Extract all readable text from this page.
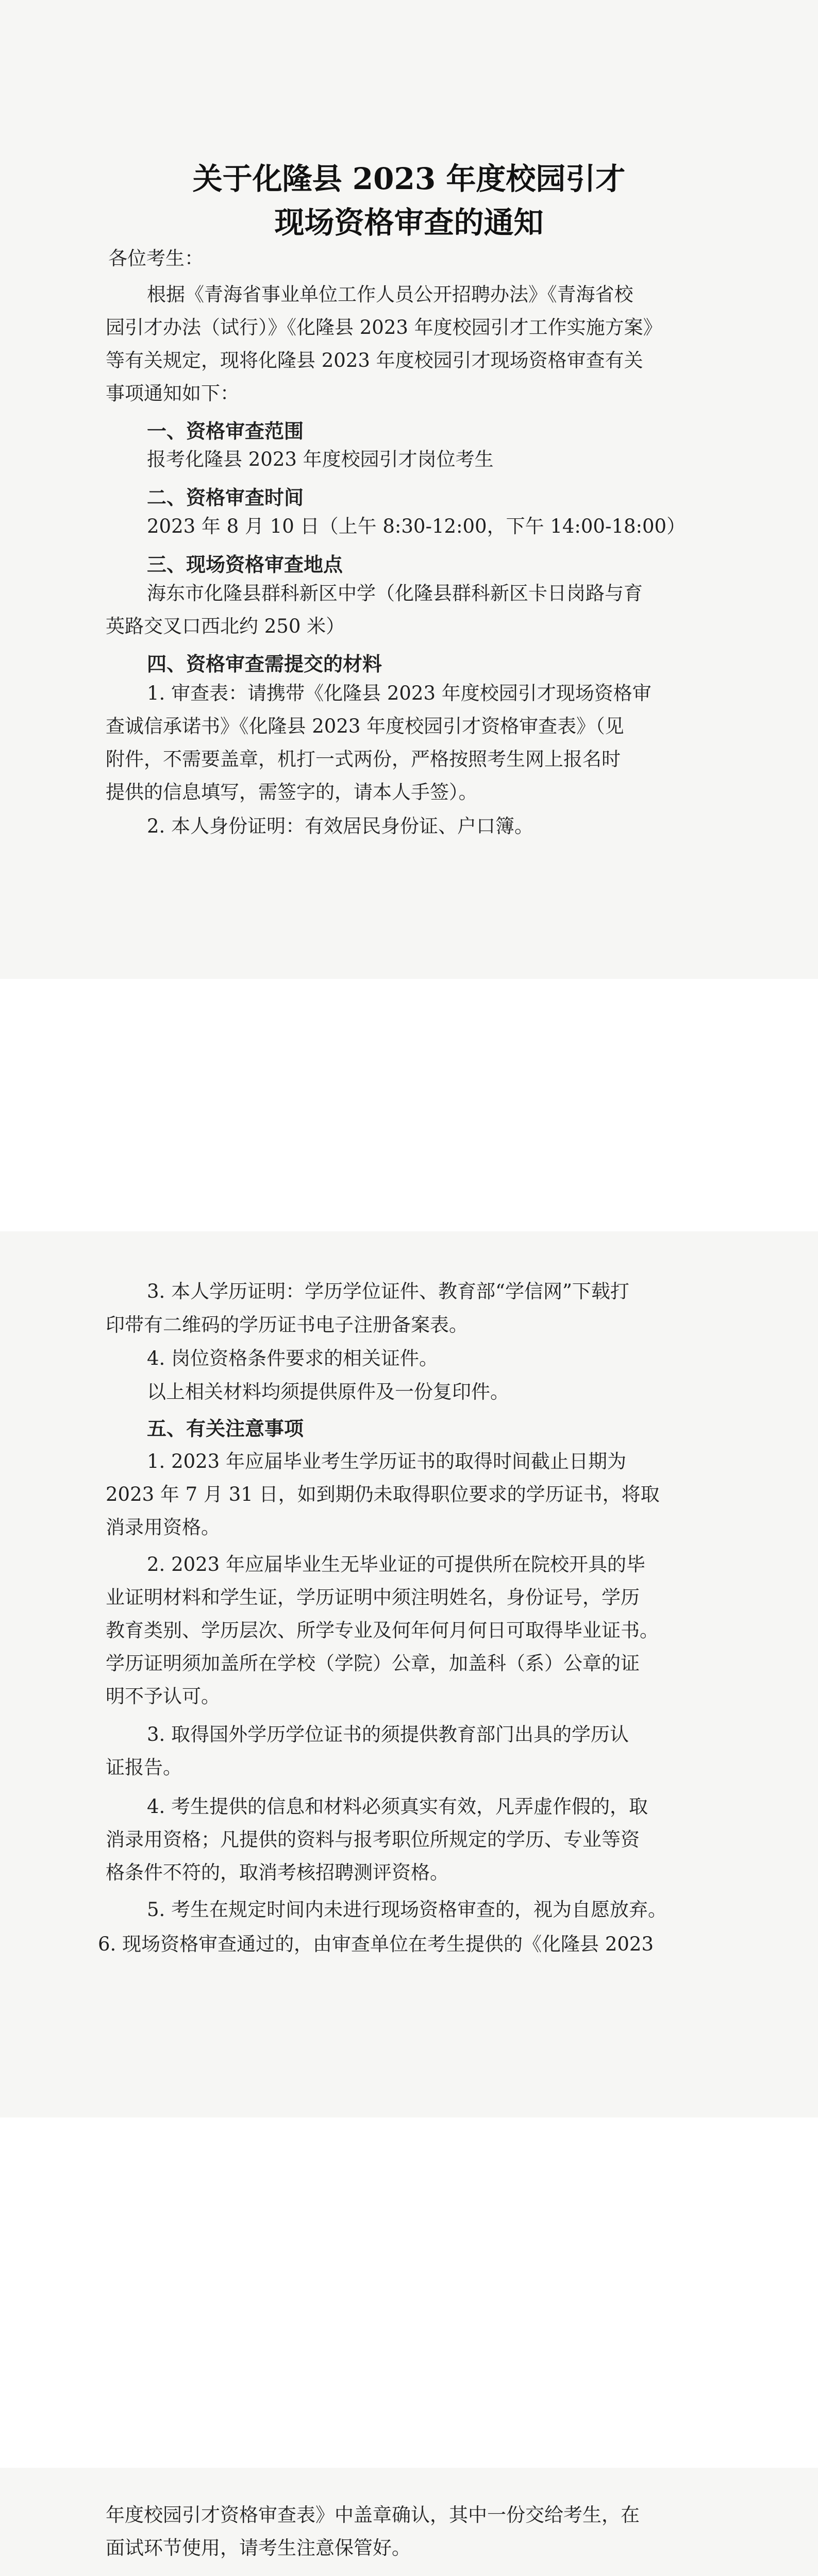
关于化隆县 2023 年度校园引才
现场资格审查的通知
各位考生：
根据《青海省事业单位工作人员公开招聘办法》《青海省校
园引才办法（试行）》《化隆县 2023 年度校园引才工作实施方案》
等有关规定，现将化隆县 2023 年度校园引才现场资格审查有关
事项通知如下：
一、资格审查范围
报考化隆县 2023 年度校园引才岗位考生
二、资格审查时间
2023 年 8 月 10 日（上午 8:30-12:00，下午 14:00-18:00）
三、现场资格审查地点
海东市化隆县群科新区中学（化隆县群科新区卡日岗路与育
英路交叉口西北约 250 米）
四、资格审查需提交的材料
1. 审查表：请携带《化隆县 2023 年度校园引才现场资格审
查诚信承诺书》《化隆县 2023 年度校园引才资格审查表》（见
附件，不需要盖章，机打一式两份，严格按照考生网上报名时
提供的信息填写，需签字的，请本人手签）。
2. 本人身份证明：有效居民身份证、户口簿。
3. 本人学历证明：学历学位证件、教育部“学信网”下载打
印带有二维码的学历证书电子注册备案表。
4. 岗位资格条件要求的相关证件。
以上相关材料均须提供原件及一份复印件。
五、有关注意事项
1. 2023 年应届毕业考生学历证书的取得时间截止日期为
2023 年 7 月 31 日，如到期仍未取得职位要求的学历证书，将取
消录用资格。
2. 2023 年应届毕业生无毕业证的可提供所在院校开具的毕
业证明材料和学生证，学历证明中须注明姓名，身份证号，学历
教育类别、学历层次、所学专业及何年何月何日可取得毕业证书。
学历证明须加盖所在学校（学院）公章，加盖科（系）公章的证
明不予认可。
3. 取得国外学历学位证书的须提供教育部门出具的学历认
证报告。
4. 考生提供的信息和材料必须真实有效，凡弄虚作假的，取
消录用资格；凡提供的资料与报考职位所规定的学历、专业等资
格条件不符的，取消考核招聘测评资格。
5. 考生在规定时间内未进行现场资格审查的，视为自愿放弃。
6. 现场资格审查通过的，由审查单位在考生提供的《化隆县 2023
年度校园引才资格审查表》中盖章确认，其中一份交给考生，在
面试环节使用，请考生注意保管好。
